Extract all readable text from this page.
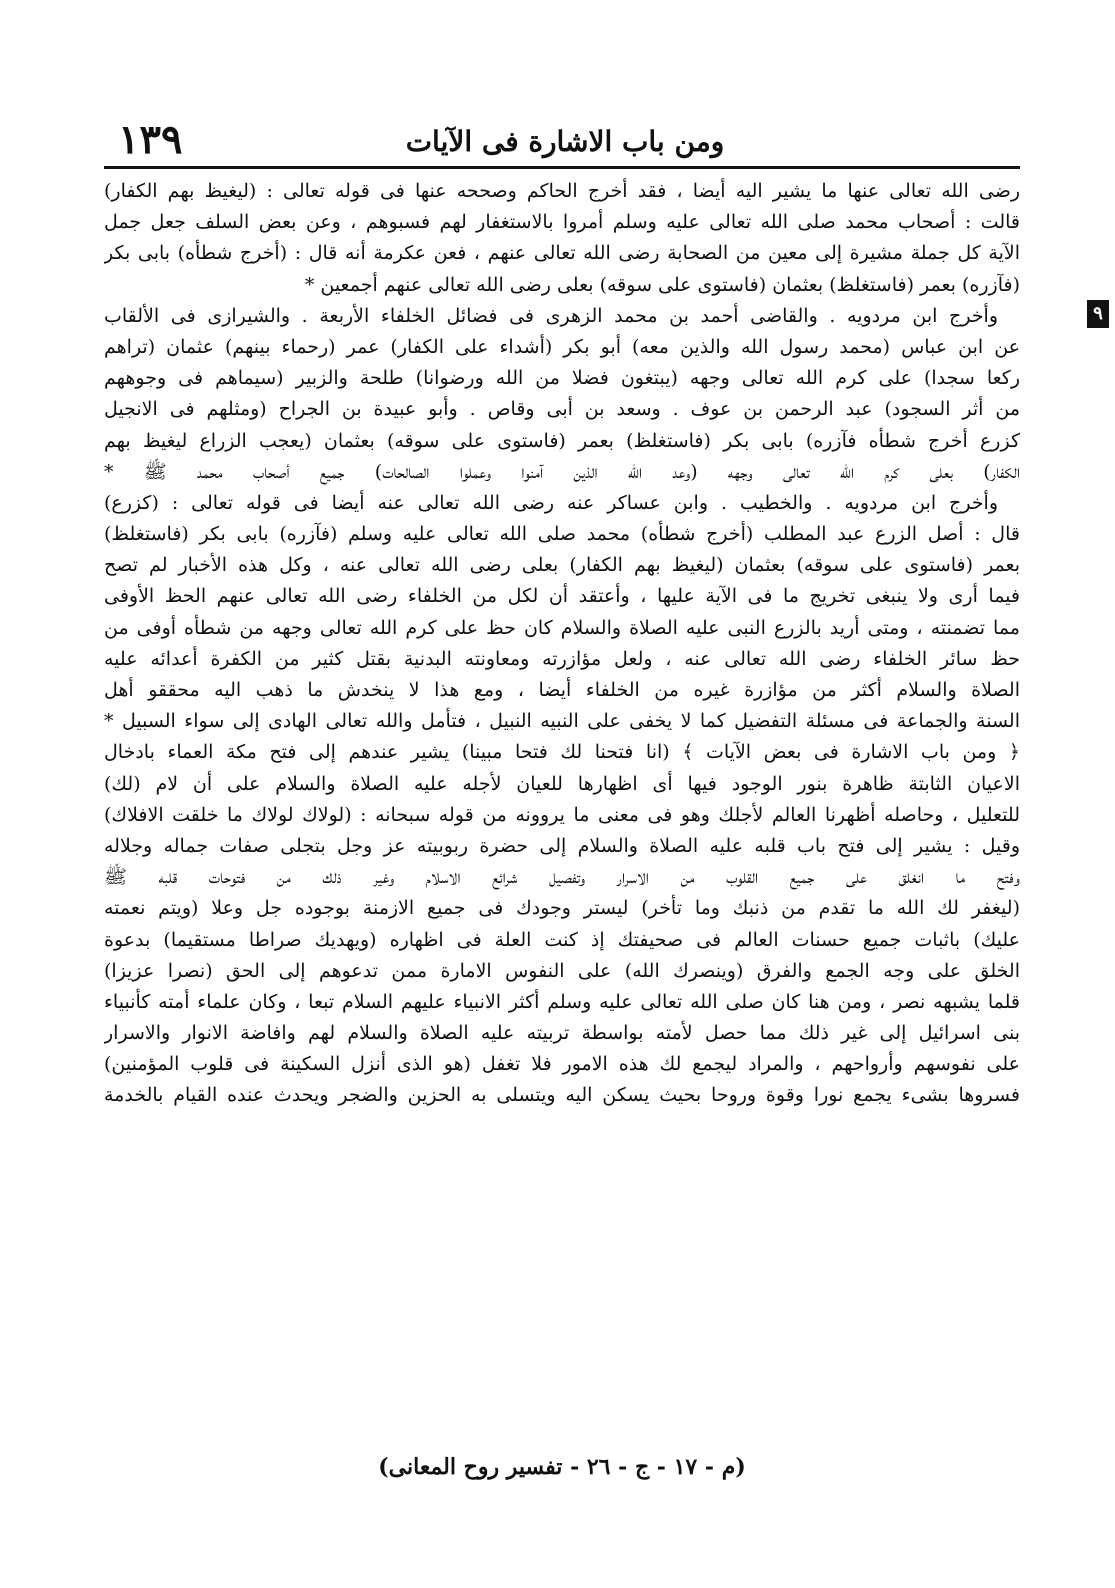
١٣٩	ومن باب الاشارة فى الآيات
٩
رضى الله تعالى عنها ما يشير اليه أيضا ، فقد أخرج الحاكم وصححه عنها فى قوله تعالى : (ليغيظ بهم الكفار)
قالت : أصحاب محمد صلى الله تعالى عليه وسلم أمروا بالاستغفار لهم فسبوهم ، وعن بعض السلف جعل جمل
الآية كل جملة مشيرة إلى معين من الصحابة رضى الله تعالى عنهم ، فعن عكرمة أنه قال : (أخرج شطأه) بابى بكر
(فآزره) بعمر (فاستغلظ) بعثمان (فاستوى على سوقه) بعلى رضى الله تعالى عنهم أجمعين *
وأخرج ابن مردويه . والقاضى أحمد بن محمد الزهرى فى فضائل الخلفاء الأربعة . والشيرازى فى الألقاب
عن ابن عباس (محمد رسول الله والذين معه) أبو بكر (أشداء على الكفار) عمر (رحماء بينهم) عثمان (تراهم
ركعا سجدا) على كرم الله تعالى وجهه (يبتغون فضلا من الله ورضوانا) طلحة والزبير (سيماهم فى وجوههم
من أثر السجود) عبد الرحمن بن عوف . وسعد بن أبى وقاص . وأبو عبيدة بن الجراح (ومثلهم فى الانجيل
كزرع أخرج شطأه فآزره) بابى بكر (فاستغلظ) بعمر (فاستوى على سوقه) بعثمان (يعجب الزراع ليغيظ بهم
الكفار) بعلى كرم الله تعالى وجهه (وعد الله الذين آمنوا وعملوا الصالحات) جميع أصحاب محمد ﷺ *
وأخرج ابن مردويه . والخطيب . وابن عساكر عنه رضى الله تعالى عنه أيضا فى قوله تعالى : (كزرع)
قال : أصل الزرع عبد المطلب (أخرج شطأه) محمد صلى الله تعالى عليه وسلم (فآزره) بابى بكر (فاستغلظ)
بعمر (فاستوى على سوقه) بعثمان (ليغيظ بهم الكفار) بعلى رضى الله تعالى عنه ، وكل هذه الأخبار لم تصح
فيما أرى ولا ينبغى تخريج ما فى الآية عليها ، وأعتقد أن لكل من الخلفاء رضى الله تعالى عنهم الحظ الأوفى
مما تضمنته ، ومتى أريد بالزرع النبى عليه الصلاة والسلام كان حظ على كرم الله تعالى وجهه من شطأه أوفى من
حظ سائر الخلفاء رضى الله تعالى عنه ، ولعل مؤازرته ومعاونته البدنية بقتل كثير من الكفرة أعدائه عليه
الصلاة والسلام أكثر من مؤازرة غيره من الخلفاء أيضا ، ومع هذا لا ينخدش ما ذهب اليه محققو أهل
السنة والجماعة فى مسئلة التفضيل كما لا يخفى على النبيه النبيل ، فتأمل والله تعالى الهادى إلى سواء السبيل *
﴿ ومن باب الاشارة فى بعض الآيات ﴾ (انا فتحنا لك فتحا مبينا) يشير عندهم إلى فتح مكة العماء بادخال
الاعيان الثابتة ظاهرة بنور الوجود فيها أى اظهارها للعيان لأجله عليه الصلاة والسلام على أن لام (لك)
للتعليل ، وحاصله أظهرنا العالم لأجلك وهو فى معنى ما يروونه من قوله سبحانه : (لولاك لولاك ما خلقت الافلاك)
وقيل : يشير إلى فتح باب قلبه عليه الصلاة والسلام إلى حضرة ربوبيته عز وجل بتجلى صفات جماله وجلاله
وفتح ما انغلق على جميع القلوب من الاسرار وتفصيل شرائع الاسلام وغير ذلك من فتوحات قلبه ﷺ
(ليغفر لك الله ما تقدم من ذنبك وما تأخر) ليستر وجودك فى جميع الازمنة بوجوده جل وعلا (ويتم نعمته
عليك) باثبات جميع حسنات العالم فى صحيفتك إذ كنت العلة فى اظهاره (ويهديك صراطا مستقيما) بدعوة
الخلق على وجه الجمع والفرق (وينصرك الله) على النفوس الامارة ممن تدعوهم إلى الحق (نصرا عزيزا)
قلما يشبهه نصر ، ومن هنا كان صلى الله تعالى عليه وسلم أكثر الانبياء عليهم السلام تبعا ، وكان علماء أمته كأنبياء
بنى اسرائيل إلى غير ذلك مما حصل لأمته بواسطة تربيته عليه الصلاة والسلام لهم وافاضة الانوار والاسرار
على نفوسهم وأرواحهم ، والمراد ليجمع لك هذه الامور فلا تغفل (هو الذى أنزل السكينة فى قلوب المؤمنين)
فسروها بشىء يجمع نورا وقوة وروحا بحيث يسكن اليه ويتسلى به الحزين والضجر ويحدث عنده القيام بالخدمة
(م - ١٧ - ج - ٢٦ - تفسير روح المعانى)
